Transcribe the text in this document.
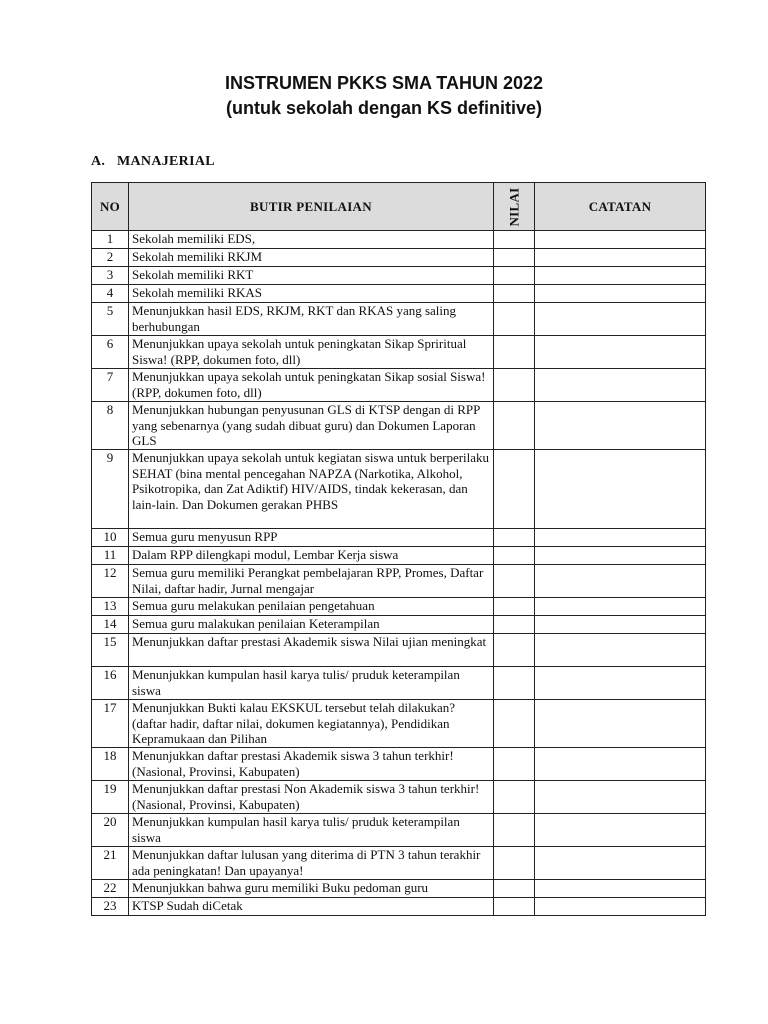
INSTRUMEN PKKS SMA TAHUN 2022
(untuk sekolah dengan KS definitive)
A. MANAJERIAL
NO	BUTIR PENILAIAN	NILAI	CATATAN
1	Sekolah memiliki EDS,		
2	Sekolah memiliki RKJM		
3	Sekolah memiliki RKT		
4	Sekolah memiliki RKAS		
5	Menunjukkan hasil EDS, RKJM, RKT dan RKAS yang saling berhubungan		
6	Menunjukkan upaya sekolah untuk peningkatan Sikap Spriritual Siswa! (RPP, dokumen foto, dll)		
7	Menunjukkan upaya sekolah untuk peningkatan Sikap sosial Siswa!(RPP, dokumen foto, dll)		
8	Menunjukkan hubungan penyusunan GLS di KTSP dengan di RPP yang sebenarnya (yang sudah dibuat guru) dan Dokumen Laporan GLS		
9	Menunjukkan upaya sekolah untuk kegiatan siswa untuk berperilaku SEHAT (bina mental pencegahan NAPZA (Narkotika, Alkohol, Psikotropika, dan Zat Adiktif) HIV/AIDS, tindak kekerasan, dan lain-lain. Dan Dokumen gerakan PHBS		
10	Semua guru menyusun RPP		
11	Dalam RPP dilengkapi modul, Lembar Kerja siswa		
12	Semua guru memiliki Perangkat pembelajaran RPP, Promes, Daftar Nilai, daftar hadir, Jurnal mengajar		
13	Semua guru melakukan penilaian pengetahuan		
14	Semua guru malakukan penilaian Keterampilan		
15	Menunjukkan daftar prestasi Akademik siswa Nilai ujian meningkat		
16	Menunjukkan kumpulan hasil karya tulis/ pruduk keterampilan siswa		
17	Menunjukkan Bukti kalau EKSKUL tersebut telah dilakukan? (daftar hadir, daftar nilai, dokumen kegiatannya), Pendidikan Kepramukaan dan Pilihan		
18	Menunjukkan daftar prestasi Akademik siswa 3 tahun terkhir! (Nasional, Provinsi, Kabupaten)		
19	Menunjukkan daftar prestasi Non Akademik siswa 3 tahun terkhir! (Nasional, Provinsi, Kabupaten)		
20	Menunjukkan kumpulan hasil karya tulis/ pruduk keterampilan siswa		
21	Menunjukkan daftar lulusan yang diterima di PTN 3 tahun terakhir ada peningkatan! Dan upayanya!		
22	Menunjukkan bahwa guru memiliki Buku pedoman guru		
23	KTSP Sudah diCetak		
